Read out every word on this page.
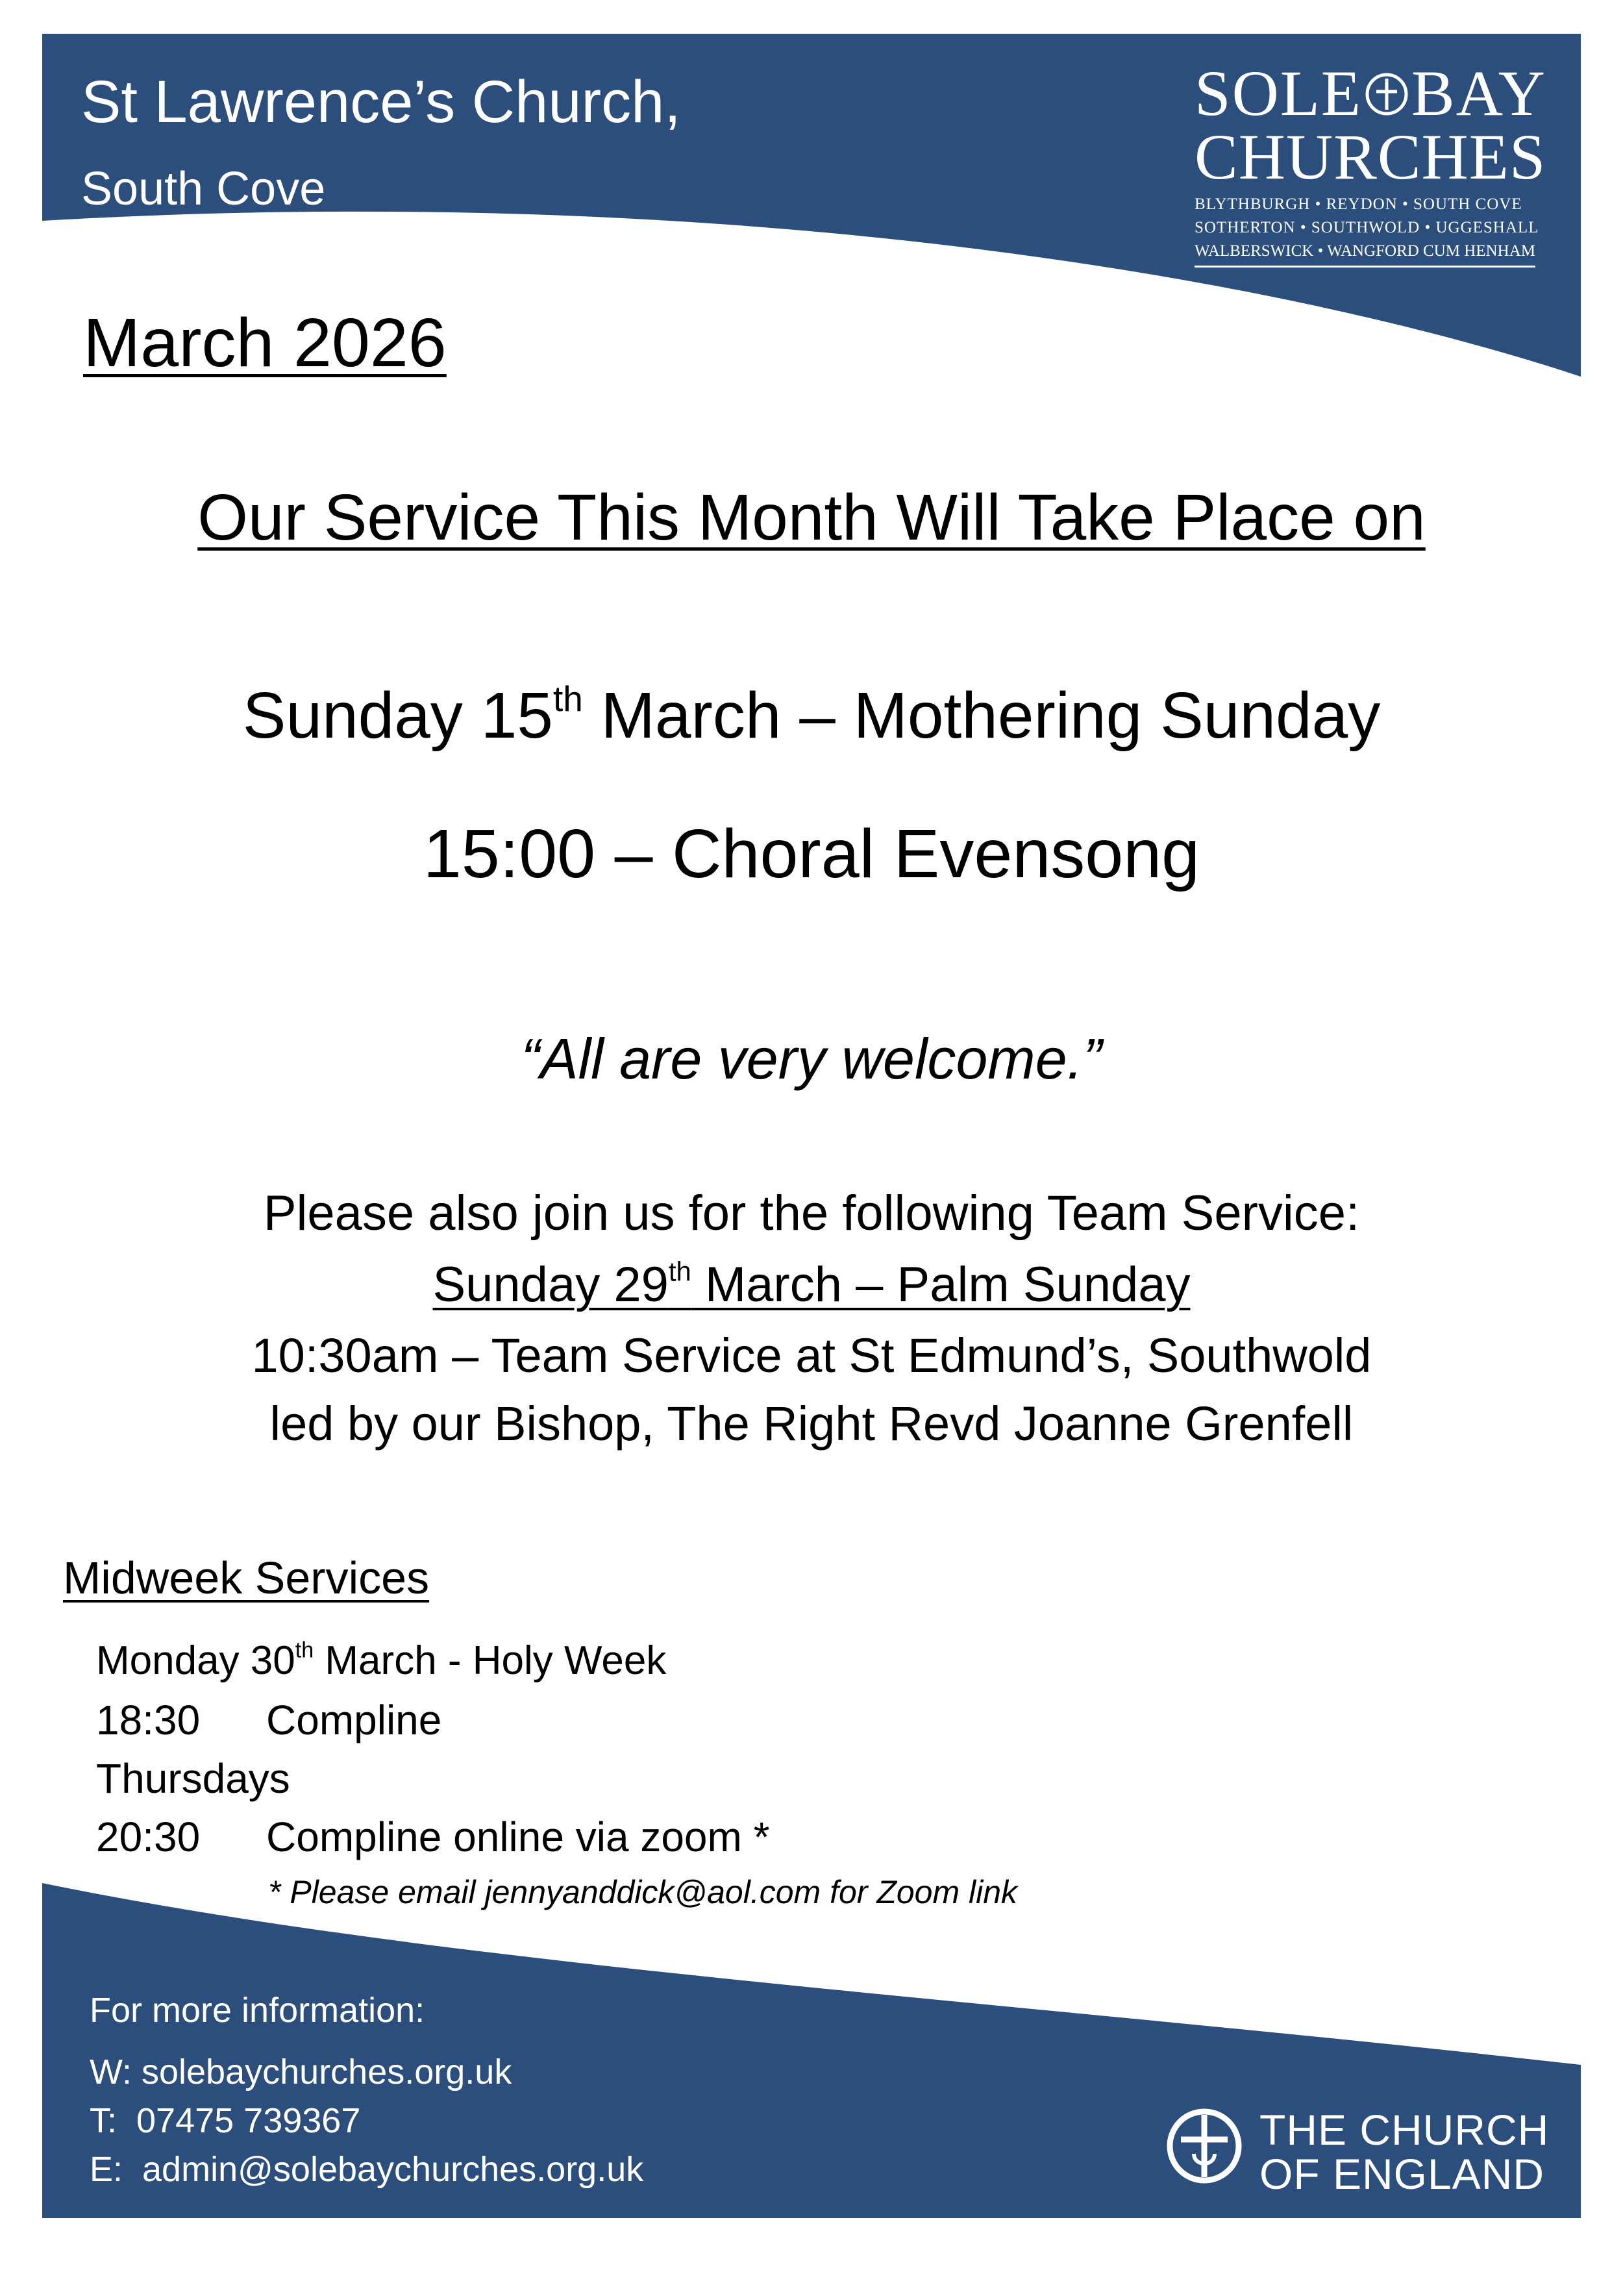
St Lawrence’s Church,
South Cove
SOLE BAY
CHURCHES
BLYTHBURGH • REYDON • SOUTH COVE
SOTHERTON • SOUTHWOLD • UGGESHALL
WALBERSWICK • WANGFORD CUM HENHAM
March 2026
Our Service This Month Will Take Place on
Sunday 15th March – Mothering Sunday
15:00 – Choral Evensong
“All are very welcome.”
Please also join us for the following Team Service:
Sunday 29th March – Palm Sunday
10:30am – Team Service at St Edmund’s, Southwold
led by our Bishop, The Right Revd Joanne Grenfell
Midweek Services
Monday 30th March - Holy Week
18:30 Compline
Thursdays
20:30 Compline online via zoom *
* Please email jennyanddick@aol.com for Zoom link
For more information:
W: solebaychurches.org.uk
T:  07475 739367
E:  admin@solebaychurches.org.uk
THE CHURCH
OF ENGLAND
